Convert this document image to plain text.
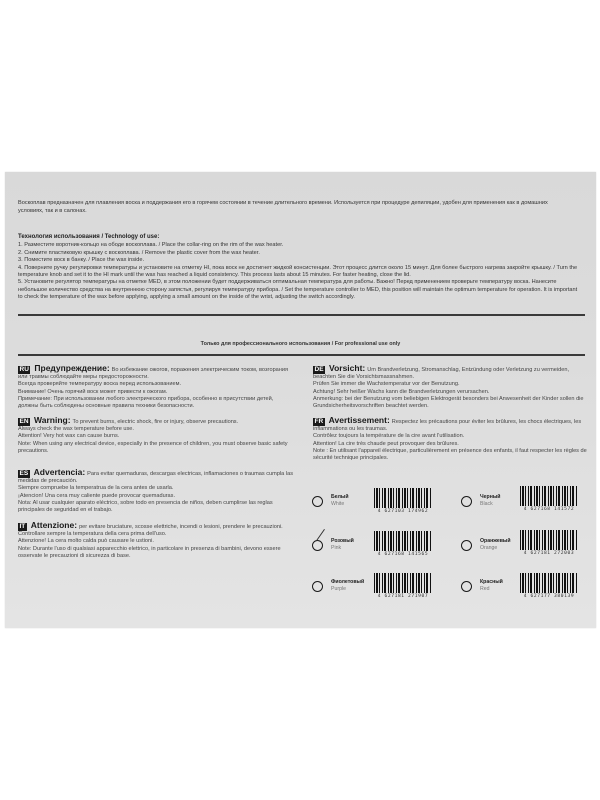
Воскоплав предназначен для плавления воска и поддержания его в горячем состоянии в течение длительного времени. Используется при процедуре депиляции, удобен для применения как в домашних условиях, так и в салонах.
Технология использования / Technology of use:
1. Разместите воротник-кольцо на ободе воскоплава. / Place the collar-ring on the rim of the wax heater.
2. Снимите пластиковую крышку с воскоплава. / Remove the plastic cover from the wax heater.
3. Поместите воск в банку. / Place the wax inside.
4. Поверните ручку регулировки температуры и установите на отметку HI, пока воск не достигнет жидкой консистенции. Этот процесс длится около 15 минут. Для более быстрого нагрева закройте крышку. / Turn the temperature knob and set it to the HI mark until the wax has reached a liquid consistency. This process lasts about 15 minutes. For faster heating, close the lid.
5. Установите регулятор температуры на отметке MED, в этом положении будет поддерживаться оптимальная температура для работы. Важно! Перед применением проверьте температуру воска. Нанесите небольшое количество средства на внутреннюю сторону запястья, регулируя температуру прибора. / Set the temperature controller to MED, this position will maintain the optimum temperature for operation. It is important to check the temperature of the wax before applying, applying a small amount on the inside of the wrist, adjusting the switch accordingly.
Только для профессионального использования / For professional use only

RU Предупреждение: Во избежание ожогов, поражения электрическим током, возгорания или травмы соблюдайте меры предосторожности.

Всегда проверяйте температуру воска перед использованием.

Внимание! Очень горячий воск может привести к ожогам.

Примечание: При использовании любого электрического прибора, особенно в присутствии детей, должны быть соблюдены основные правила техники безопасности.

EN Warning: To prevent burns, electric shock, fire or injury, observe precautions.

Always check the wax temperature before use.

Attention! Very hot wax can cause burns.

Note: When using any electrical device, especially in the presence of children, you must observe basic safety precautions.

ES Advertencia: Para evitar quemaduras, descargas electricas, inflamaciones o traumas cumpla las medidas de precaución.

Siempre compruebe la temperatrua de la cera antes de usarla.

¡Atencion! Una cera muy caliente puede provocar quemaduras.

Nota: Al usar cualquier aparato eléctrico, sobre todo en presencia de niños, deben cumplirse las reglas principales de seguridad en el trabajo.

IT Attenzione: per evitare bruciature, scosse elettriche, incendi o lesioni, prendere le precauzioni.

Controllare sempre la temperatura della cera prima dell'uso.

Attenzione! La cera molto calda può causare le ustioni.

Note: Durante l'uso di qualsiasi apparecchio elettrico, in particolare in presenza di bambini, devono essere osservate le precauzioni di sicurezza di base.

DE Vorsicht: Um Brandverletzung, Stromanschlag, Entzündung oder Verletzung zu vermeiden, beachten Sie die Vorsichtsmassnahmen.

Prüfen Sie immer die Wachstemperatur vor der Benutzung.

Achtung! Sehr heißer Wachs kann die Brandverletzungen verursachen.

Anmerkung: bei der Benutzung vom beliebigen Elektrogerät besonders bei Anwesenheit der Kinder sollen die Grundsicherheitsvorschriften beachtet werden.

FR Avertissement: Respectez les précautions pour éviter les brûlures, les chocs électriques, les inflammations ou les traumas.

Contrôlez toujours la température de la cire avant l'utilisation.

Attention! La cire très chaude peut provoquer des brûlures.

Note : En utilisant l'appareil électrique, particulièrement en présence des enfants, il faut respecter les règles de sécurité technique principales.

Белый
White
4 627103 174962
Черный
Black
4 627168 141572
Розовый
Pink
4 627168 141565
Оранжевый
Orange
4 627181 272003
Фиолетовый
Purple
4 627181 271907
Красный
Red
4 627177 380139
